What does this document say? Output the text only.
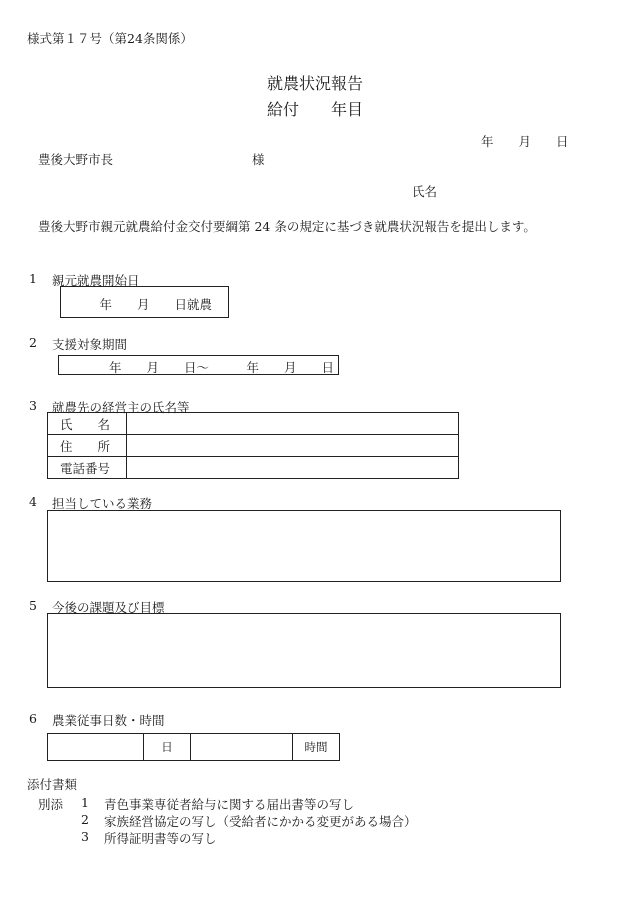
様式第１７号（第24条関係）
就農状況報告
給付　　年目
年　　月　　日
豊後大野市長	様
氏名
豊後大野市親元就農給付金交付要綱第 24 条の規定に基づき就農状況報告を提出します。
1 親元就農開始日
年　　月　　日就農
2 支援対象期間
年　　月　　日～　　　年　　月　　日
3 就農先の経営主の氏名等
氏　　名	
住　　所	
電話番号	
4 担当している業務
5 今後の課題及び目標
6 農業従事日数・時間
	日		時間
添付書類
別添 1 青色事業専従者給与に関する届出書等の写し
2 家族経営協定の写し（受給者にかかる変更がある場合）
3 所得証明書等の写し
